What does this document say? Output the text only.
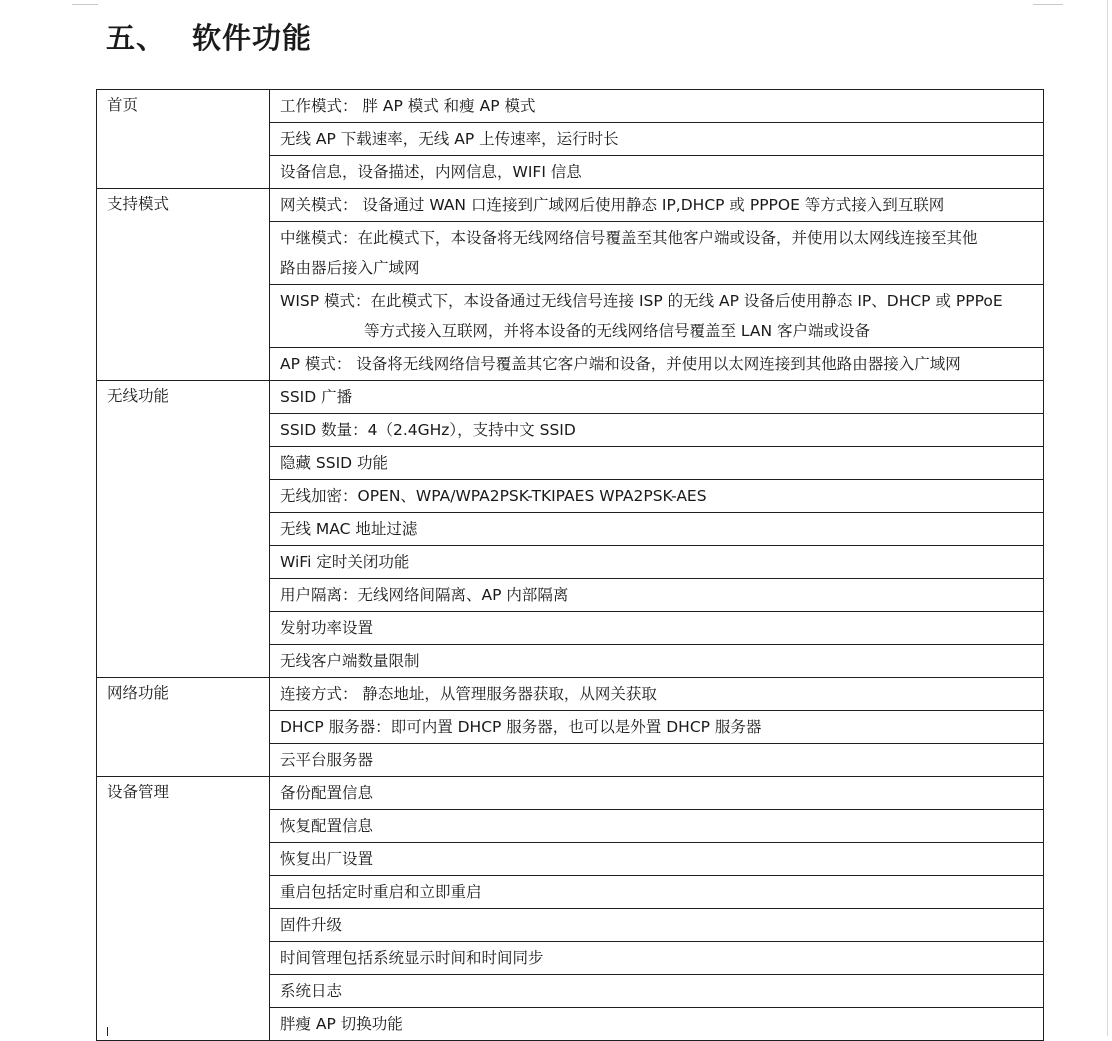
五、 软件功能
首页	工作模式： 胖 AP 模式 和瘦 AP 模式

	无线 AP 下载速率，无线 AP 上传速率，运行时长

	设备信息，设备描述，内网信息，WIFI 信息

支持模式	网关模式： 设备通过 WAN 口连接到广域网后使用静态 IP,DHCP 或 PPPOE 等方式接入到互联网

	中继模式：在此模式下，本设备将无线网络信号覆盖至其他客户端或设备，并使用以太网线连接至其他
路由器后接入广域网

	WISP 模式：在此模式下，本设备通过无线信号连接 ISP 的无线 AP 设备后使用静态 IP、DHCP 或 PPPoE
等方式接入互联网，并将本设备的无线网络信号覆盖至 LAN 客户端或设备

	AP 模式： 设备将无线网络信号覆盖其它客户端和设备，并使用以太网连接到其他路由器接入广域网

无线功能	SSID 广播

	SSID 数量：4（2.4GHz），支持中文 SSID

	隐藏 SSID 功能

	无线加密：OPEN、WPA/WPA2PSK-TKIPAES WPA2PSK-AES

	无线 MAC 地址过滤

	WiFi 定时关闭功能

	用户隔离：无线网络间隔离、AP 内部隔离

	发射功率设置

	无线客户端数量限制

网络功能	连接方式： 静态地址，从管理服务器获取，从网关获取

	DHCP 服务器：即可内置 DHCP 服务器，也可以是外置 DHCP 服务器

	云平台服务器

设备管理	备份配置信息

	恢复配置信息

	恢复出厂设置

	重启包括定时重启和立即重启

	固件升级

	时间管理包括系统显示时间和时间同步

	系统日志

	胖瘦 AP 切换功能
